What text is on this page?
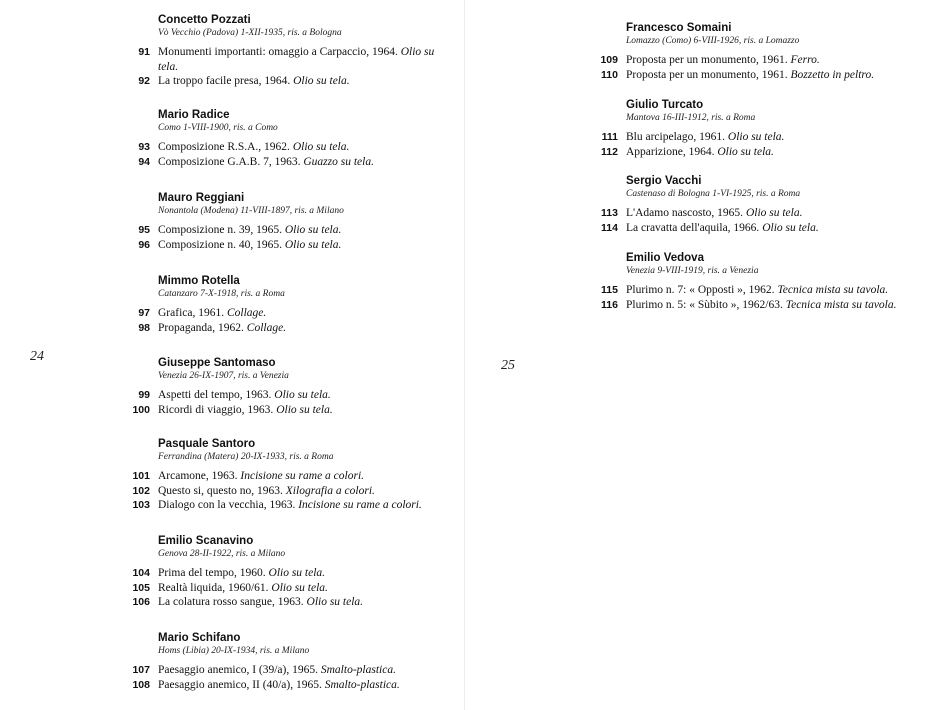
24
Concetto Pozzati
Vò Vecchio (Padova) 1-XII-1935, ris. a Bologna
91 Monumenti importanti: omaggio a Carpaccio, 1964. Olio su tela.
92 La troppo facile presa, 1964. Olio su tela.
Mario Radice
Como 1-VIII-1900, ris. a Como
93 Composizione R.S.A., 1962. Olio su tela.
94 Composizione G.A.B. 7, 1963. Guazzo su tela.
Mauro Reggiani
Nonantola (Modena) 11-VIII-1897, ris. a Milano
95 Composizione n. 39, 1965. Olio su tela.
96 Composizione n. 40, 1965. Olio su tela.
Mimmo Rotella
Catanzaro 7-X-1918, ris. a Roma
97 Grafica, 1961. Collage.
98 Propaganda, 1962. Collage.
Giuseppe Santomaso
Venezia 26-IX-1907, ris. a Venezia
99 Aspetti del tempo, 1963. Olio su tela.
100 Ricordi di viaggio, 1963. Olio su tela.
Pasquale Santoro
Ferrandina (Matera) 20-IX-1933, ris. a Roma
101 Arcamone, 1963. Incisione su rame a colori.
102 Questo si, questo no, 1963. Xilografia a colori.
103 Dialogo con la vecchia, 1963. Incisione su rame a colori.
Emilio Scanavino
Genova 28-II-1922, ris. a Milano
104 Prima del tempo, 1960. Olio su tela.
105 Realtà liquida, 1960/61. Olio su tela.
106 La colatura rosso sangue, 1963. Olio su tela.
Mario Schifano
Homs (Libia) 20-IX-1934, ris. a Milano
107 Paesaggio anemico, I (39/a), 1965. Smalto-plastica.
108 Paesaggio anemico, II (40/a), 1965. Smalto-plastica.
25
Francesco Somaini
Lomazzo (Como) 6-VIII-1926, ris. a Lomazzo
109 Proposta per un monumento, 1961. Ferro.
110 Proposta per un monumento, 1961. Bozzetto in peltro.
Giulio Turcato
Mantova 16-III-1912, ris. a Roma
111 Blu arcipelago, 1961. Olio su tela.
112 Apparizione, 1964. Olio su tela.
Sergio Vacchi
Castenaso di Bologna 1-VI-1925, ris. a Roma
113 L'Adamo nascosto, 1965. Olio su tela.
114 La cravatta dell'aquila, 1966. Olio su tela.
Emilio Vedova
Venezia 9-VIII-1919, ris. a Venezia
115 Plurimo n. 7: « Opposti », 1962. Tecnica mista su tavola.
116 Plurimo n. 5: « Sùbito », 1962/63. Tecnica mista su tavola.
